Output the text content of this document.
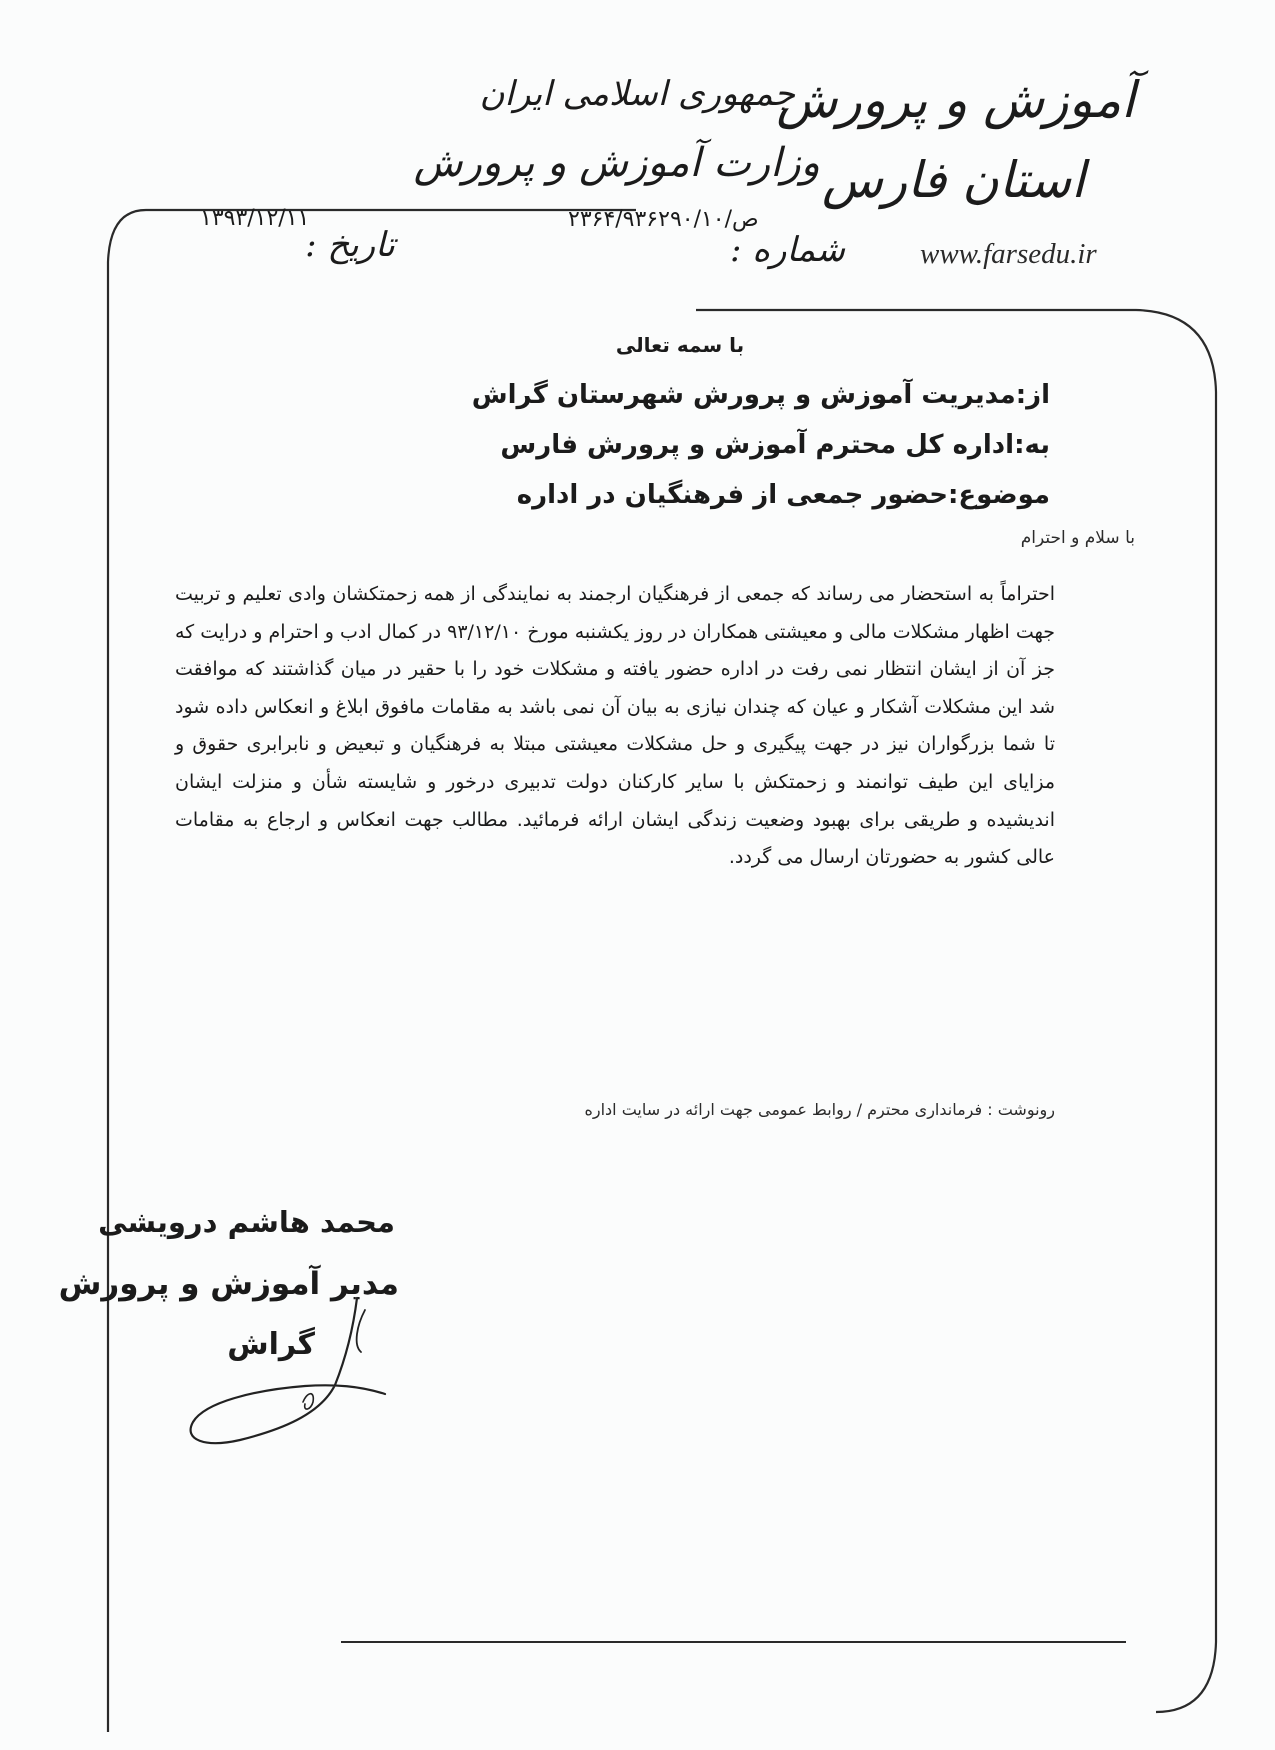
آموزش و پرورش
استان فارس
www.farsedu.ir
جمهوری اسلامی ایران
وزارت آموزش و پرورش
شماره :
ص/۲۳۶۴/۹۳۶۲۹۰/۱۰
تاریخ :
۱۳۹۳/۱۲/۱۱
با سمه تعالی
از:مدیریت آموزش و پرورش شهرستان گراش
به:اداره کل محترم آموزش و پرورش فارس
موضوع:حضور جمعی از فرهنگیان در اداره
با سلام و احترام
احتراماً به استحضار می رساند که جمعی از فرهنگیان ارجمند به نمایندگی از همه زحمتکشان وادی تعلیم و تربیت جهت اظهار مشکلات مالی و معیشتی همکاران در روز یکشنبه مورخ ۹۳/۱۲/۱۰ در کمال ادب و احترام و درایت که جز آن از ایشان انتظار نمی رفت در اداره حضور یافته و مشکلات خود را با حقیر در میان گذاشتند که موافقت شد این مشکلات آشکار و عیان که چندان نیازی به بیان آن نمی باشد به مقامات مافوق ابلاغ و انعکاس داده شود تا شما بزرگواران نیز در جهت پیگیری و حل مشکلات معیشتی مبتلا به فرهنگیان و تبعیض و نابرابری حقوق و مزایای این طیف توانمند و زحمتکش با سایر کارکنان دولت تدبیری درخور و شایسته شأن و منزلت ایشان اندیشیده و طریقی برای بهبود وضعیت زندگی ایشان ارائه فرمائید. مطالب جهت انعکاس و ارجاع به مقامات عالی کشور به حضورتان ارسال می گردد.
رونوشت : فرمانداری محترم / روابط عمومی جهت ارائه در سایت اداره
محمد هاشم درویشی
مدیر آموزش و پرورش
گراش
